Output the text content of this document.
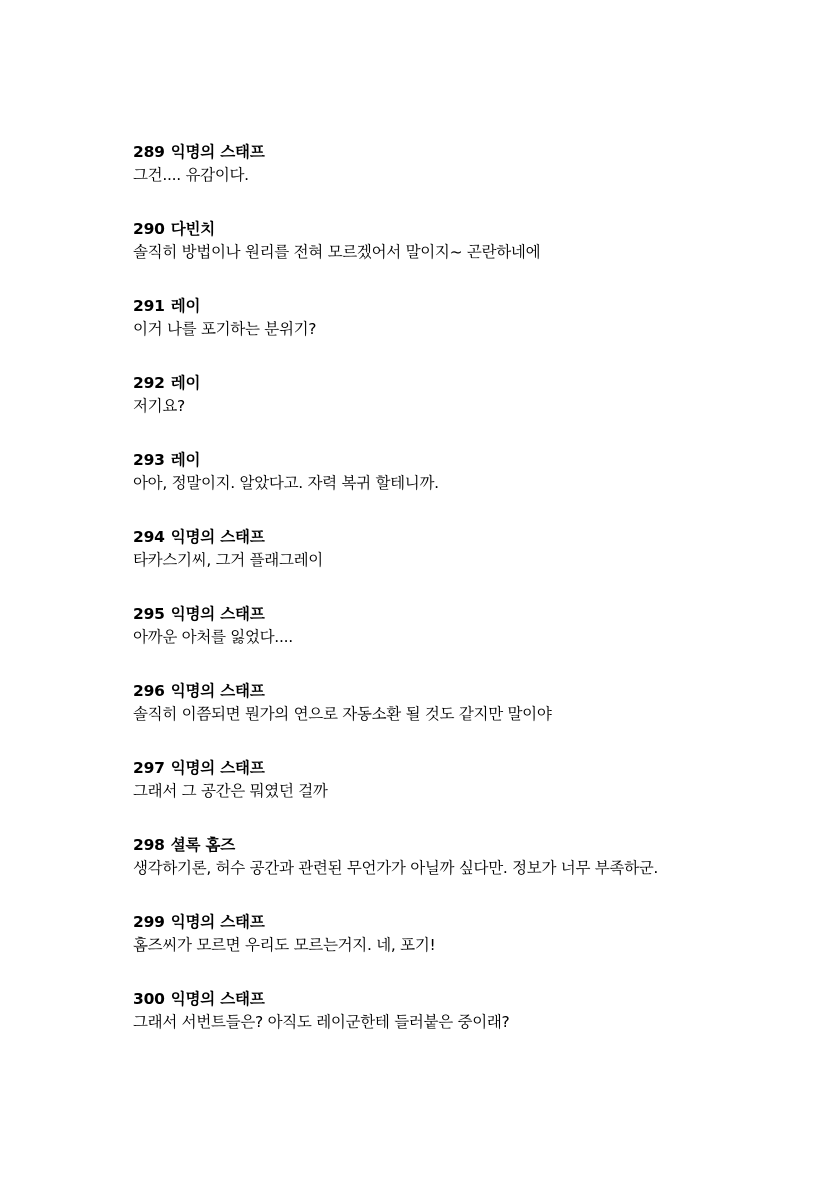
289 익명의 스태프
그건.... 유감이다.
290 다빈치
솔직히 방법이나 원리를 전혀 모르겠어서 말이지~ 곤란하네에
291 레이
이거 나를 포기하는 분위기?
292 레이
저기요?
293 레이
아아, 정말이지. 알았다고. 자력 복귀 할테니까.
294 익명의 스태프
타카스기씨, 그거 플래그레이
295 익명의 스태프
아까운 아처를 잃었다....
296 익명의 스태프
솔직히 이쯤되면 뭔가의 연으로 자동소환 될 것도 같지만 말이야
297 익명의 스태프
그래서 그 공간은 뭐였던 걸까
298 셜록 홈즈
생각하기론, 허수 공간과 관련된 무언가가 아닐까 싶다만. 정보가 너무 부족하군.
299 익명의 스태프
홈즈씨가 모르면 우리도 모르는거지. 네, 포기!
300 익명의 스태프
그래서 서번트들은? 아직도 레이군한테 들러붙은 중이래?
